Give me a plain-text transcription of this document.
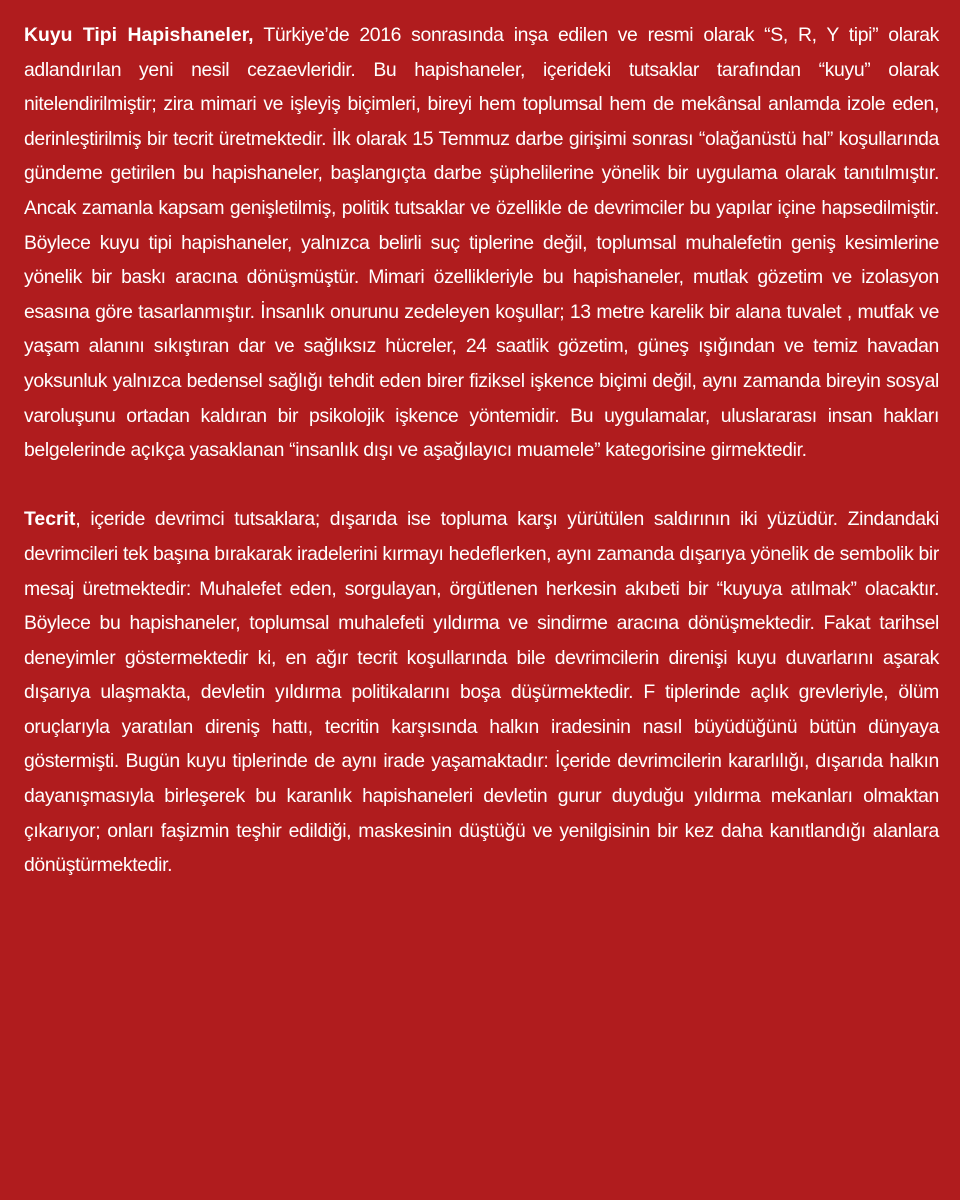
Kuyu Tipi Hapishaneler, Türkiye’de 2016 sonrasında inşa edilen ve resmi olarak “S, R, Y tipi” olarak adlandırılan yeni nesil cezaevleridir. Bu hapishaneler, içerideki tutsaklar tarafından “kuyu” olarak nitelendirilmiştir; zira mimari ve işleyiş biçimleri, bireyi hem toplumsal hem de mekânsal anlamda izole eden, derinleştirilmiş bir tecrit üretmektedir. İlk olarak 15 Temmuz darbe girişimi sonrası “olağanüstü hal” koşullarında gündeme getirilen bu hapishaneler, başlangıçta darbe şüphelilerine yönelik bir uygulama olarak tanıtılmıştır. Ancak zamanla kapsam genişletilmiş, politik tutsaklar ve özellikle de devrimciler bu yapılar içine hapsedilmiştir. Böylece kuyu tipi hapishaneler, yalnızca belirli suç tiplerine değil, toplumsal muhalefetin geniş kesimlerine yönelik bir baskı aracına dönüşmüştür. Mimari özellikleriyle bu hapishaneler, mutlak gözetim ve izolasyon esasına göre tasarlanmıştır. İnsanlık onurunu zedeleyen koşullar; 13 metre karelik bir alana tuvalet , mutfak ve yaşam alanını sıkıştıran dar ve sağlıksız hücreler, 24 saatlik gözetim, güneş ışığından ve temiz havadan yoksunluk yalnızca bedensel sağlığı tehdit eden birer fiziksel işkence biçimi değil, aynı zamanda bireyin sosyal varoluşunu ortadan kaldıran bir psikolojik işkence yöntemidir. Bu uygulamalar, uluslararası insan hakları belgelerinde açıkça yasaklanan “insanlık dışı ve aşağılayıcı muamele” kategorisine girmektedir.

Tecrit, içeride devrimci tutsaklara; dışarıda ise topluma karşı yürütülen saldırının iki yüzüdür. Zindandaki devrimcileri tek başına bırakarak iradelerini kırmayı hedeflerken, aynı zamanda dışarıya yönelik de sembolik bir mesaj üretmektedir: Muhalefet eden, sorgulayan, örgütlenen herkesin akıbeti bir “kuyuya atılmak” olacaktır. Böylece bu hapishaneler, toplumsal muhalefeti yıldırma ve sindirme aracına dönüşmektedir. Fakat tarihsel deneyimler göstermektedir ki, en ağır tecrit koşullarında bile devrimcilerin direnişi kuyu duvarlarını aşarak dışarıya ulaşmakta, devletin yıldırma politikalarını boşa düşürmektedir. F tiplerinde açlık grevleriyle, ölüm oruçlarıyla yaratılan direniş hattı, tecritin karşısında halkın iradesinin nasıl büyüdüğünü bütün dünyaya göstermişti. Bugün kuyu tiplerinde de aynı irade yaşamaktadır: İçeride devrimcilerin kararlılığı, dışarıda halkın dayanışmasıyla birleşerek bu karanlık hapishaneleri devletin gurur duyduğu yıldırma mekanları olmaktan çıkarıyor; onları faşizmin teşhir edildiği, maskesinin düştüğü ve yenilgisinin bir kez daha kanıtlandığı alanlara dönüştürmektedir.
